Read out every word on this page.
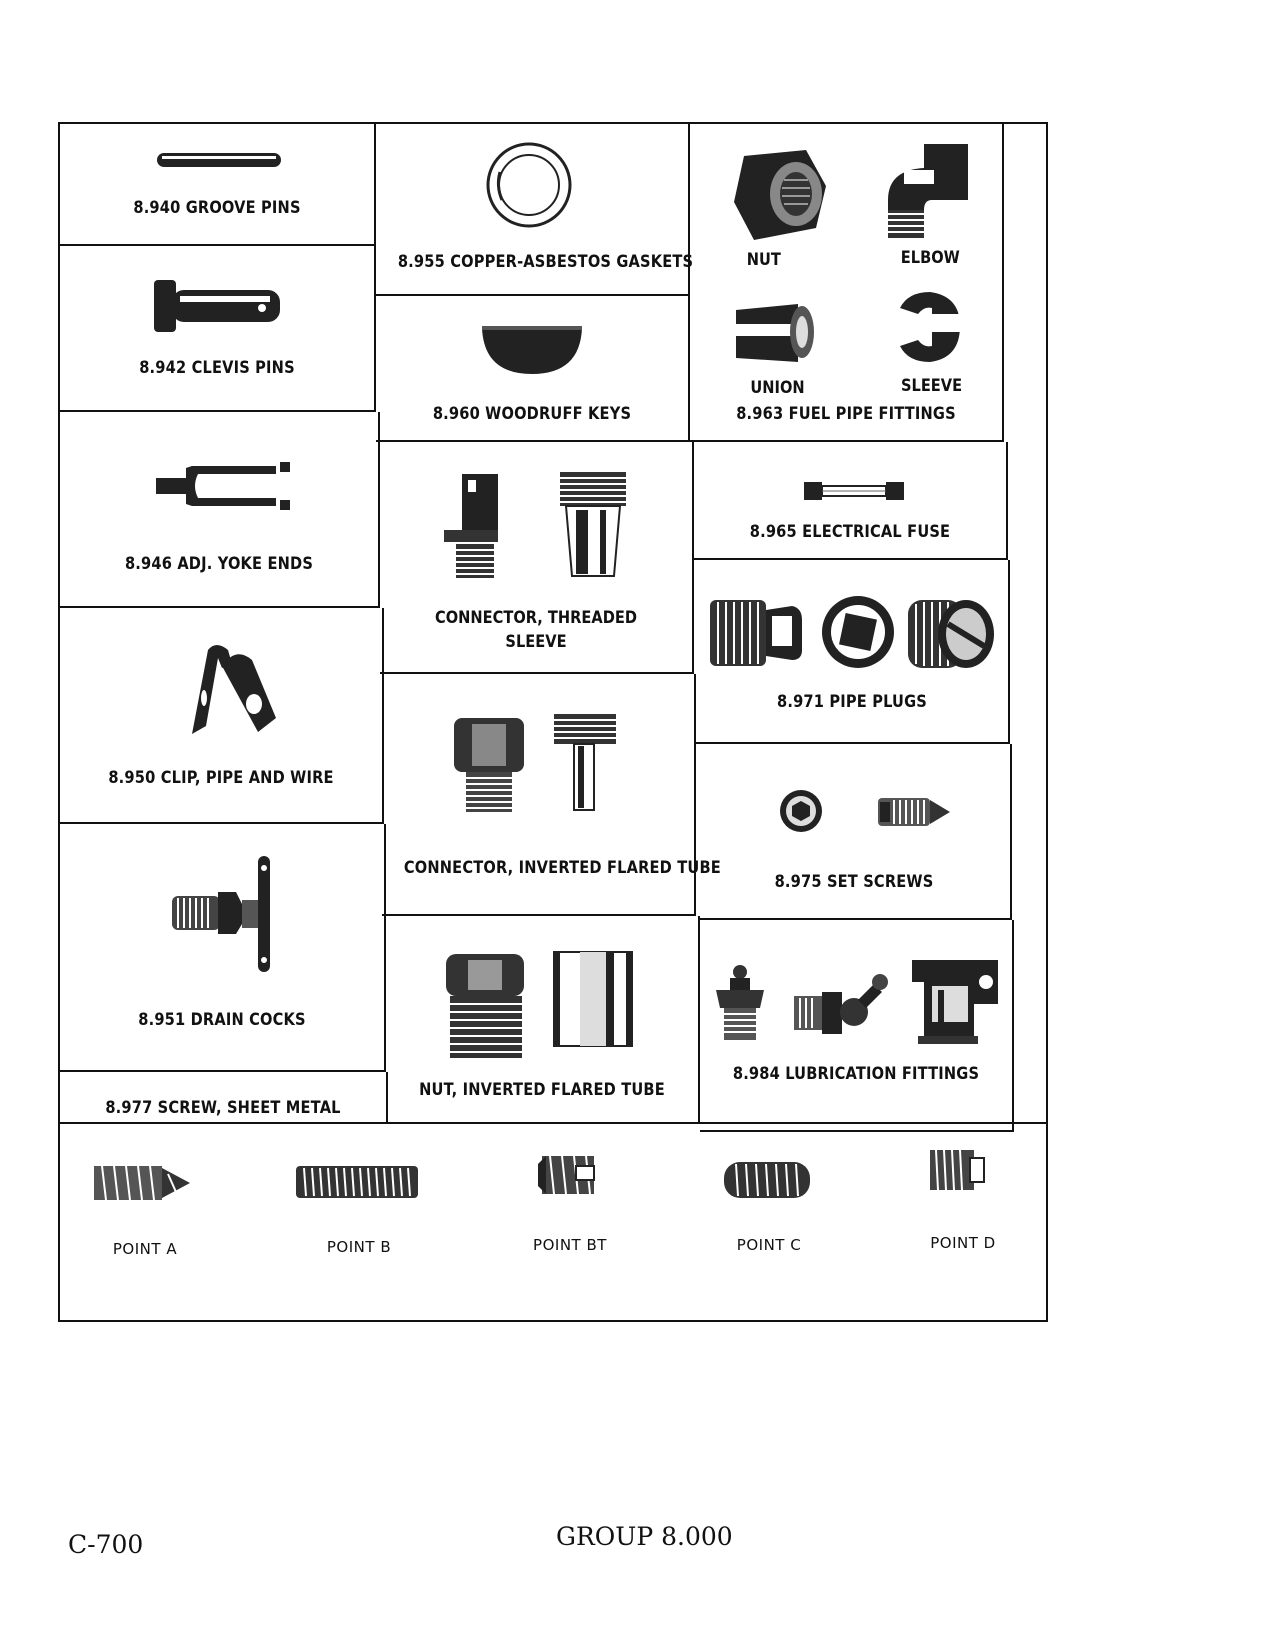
8.940 GROOVE PINS
8.942 CLEVIS PINS
8.946 ADJ. YOKE ENDS
8.950 CLIP, PIPE AND WIRE
8.951 DRAIN COCKS
8.977 SCREW, SHEET METAL
8.955 COPPER-ASBESTOS GASKETS
8.960 WOODRUFF KEYS
CONNECTOR, THREADED
SLEEVE
CONNECTOR, INVERTED FLARED TUBE
NUT, INVERTED FLARED TUBE
NUT	ELBOW
UNION	SLEEVE
8.963 FUEL PIPE FITTINGS
8.965 ELECTRICAL FUSE
8.971 PIPE PLUGS
8.975 SET SCREWS
8.984 LUBRICATION FITTINGS
POINT A	POINT B	POINT BT	POINT C	POINT D
C-700	GROUP 8.000
